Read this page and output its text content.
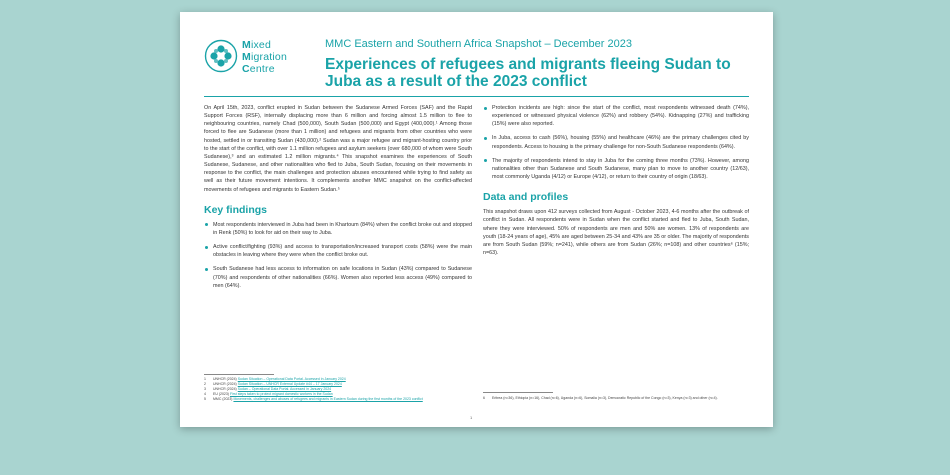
Mixed
Migration
Centre
MMC Eastern and Southern Africa Snapshot – December 2023
Experiences of refugees and migrants fleeing Sudan to Juba as a result of the 2023 conflict

On April 15th, 2023, conflict erupted in Sudan between the Sudanese Armed Forces (SAF) and the Rapid Support Forces (RSF), internally displacing more than 6 million and forcing almost 1.5 million to flee to neighbouring countries, namely Chad (500,000), South Sudan (500,000) and Egypt (400,000).¹ Among those forced to flee are Sudanese (more than 1 million) and refugees and migrants from other countries who were hosted, settled in or transiting Sudan (430,000).² Sudan was a major refugee and migrant-hosting country prior to the start of the conflict, with over 1.1 million refugees and asylum seekers (over 680,000 of whom were South Sudanese),³ and an estimated 1.2 million migrants.⁴ This snapshot examines the experiences of South Sudanese, Sudanese, and other nationalities who fled to Juba, South Sudan, focusing on their movements in response to the conflict, the main challenges and protection abuses encountered while trying to find safety as well as their future movement intentions. It complements another MMC snapshot on the conflict-affected movements of refugees and migrants to Eastern Sudan.⁵

Key findings
Most respondents interviewed in Juba had been in Khartoum (84%) when the conflict broke out and stopped in Renk (50%) to look for aid on their way to Juba.
Active conflict/fighting (93%) and access to transportation/increased transport costs (58%) were the main obstacles in leaving where they were when the conflict broke out.
South Sudanese had less access to information on safe locations in Sudan (43%) compared to Sudanese (70%) and respondents of other nationalities (66%). Women also reported less access (49%) compared to men (64%).
Protection incidents are high: since the start of the conflict, most respondents witnessed death (74%), experienced or witnessed physical violence (62%) and robbery (54%). Kidnapping (27%) and trafficking (15%) were also reported.
In Juba, access to cash (56%), housing (55%) and healthcare (46%) are the primary challenges cited by respondents. Access to housing is the primary challenge for non-South Sudanese respondents (64%).
The majority of respondents intend to stay in Juba for the coming three months (73%). However, among nationalities other than Sudanese and South Sudanese, many plan to move to another country (12/63), most commonly Uganda (4/12) or Europe (4/12), or return to their country of origin (18/63).
Data and profiles

This snapshot draws upon 412 surveys collected from August - October 2023, 4-6 months after the outbreak of conflict in Sudan. All respondents were in Sudan when the conflict started and fled to Juba, South Sudan, where they were interviewed. 50% of respondents are men and 50% are women. 13% of respondents are youth (18-24 years of age), 45% are aged between 25-34 and 43% are 35 or older. The majority of respondents are from South Sudan (59%; n=241), while others are from Sudan (26%; n=108) and other countries⁶ (15%; n=63).

1 UNHCR (2024) Sudan Situation – Operational Data Portal. Accessed in January 2024
2 UNHCR (2024) Sudan Situation – UNHCR External Update #44 – 17 January 2024
3 UNHCR (2024) Sudan – Operational Data Portal. Accessed in January 2024
4 EU (2023) First steps taken to protect migrant domestic workers in the Sudan
5 MMC (2023) Movements, challenges and abuses of refugees and migrants in Eastern Sudan during the first months of the 2023 conflict	6 Eritrea (n=36), Ethiopia (n=16), Chad (n=6), Uganda (n=6), Somalia (n=3), Democratic Republic of the Congo (n=3), Kenya (n=3) and other (n=4).
1
